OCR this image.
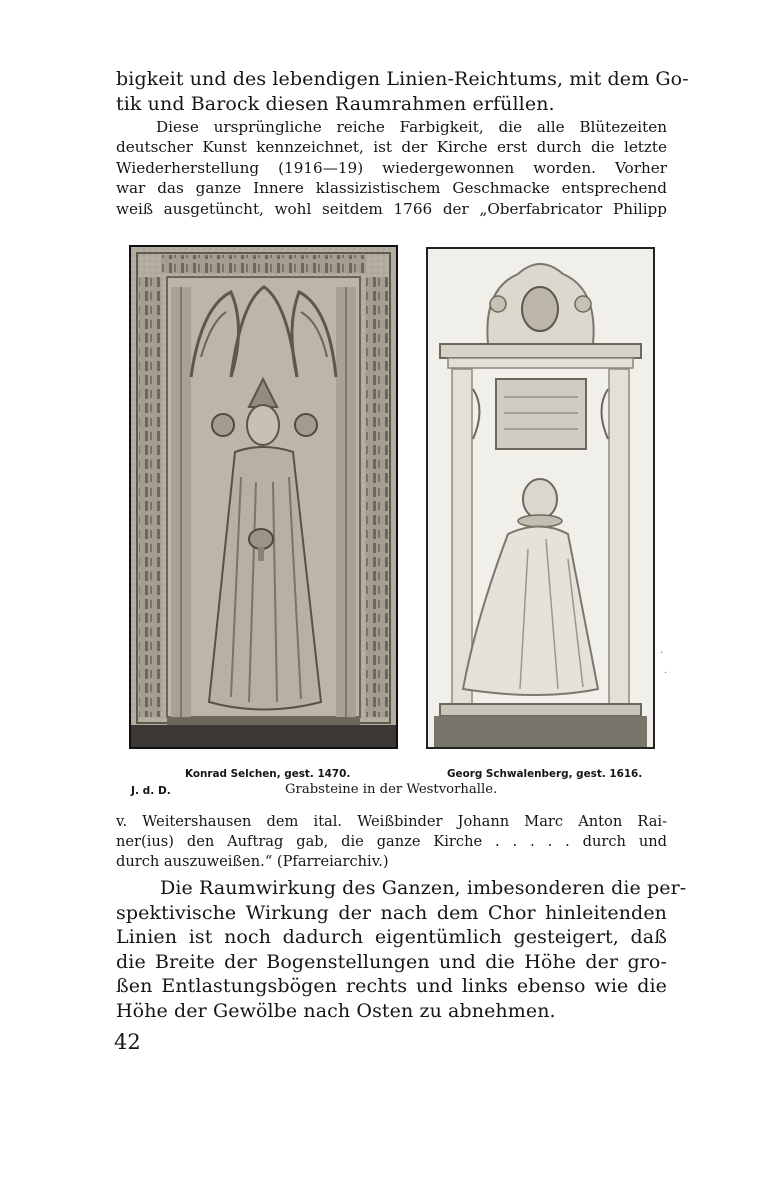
bigkeit und des lebendigen Linien-Reichtums, mit dem Go-
tik und Barock diesen Raumrahmen erfüllen.
Diese ursprüngliche reiche Farbigkeit, die alle Blütezeiten
deutscher Kunst kennzeichnet, ist der Kirche erst durch die letzte
Wiederherstellung (1916—19) wiedergewonnen worden. Vorher
war das ganze Innere klassizistischem Geschmacke entsprechend
weiß ausgetüncht, wohl seitdem 1766 der „Oberfabricator Philipp
·
·
Konrad Selchen, gest. 1470.	Georg Schwalenberg, gest. 1616.
J. d. D.	Grabsteine in der Westvorhalle.
v. Weitershausen dem ital. Weißbinder Johann Marc Anton Rai-
ner(ius) den Auftrag gab, die ganze Kirche . . . . . durch und
durch auszuweißen.“ (Pfarreiarchiv.)
Die Raumwirkung des Ganzen, imbesonderen die per-
spektivische Wirkung der nach dem Chor hinleitenden
Linien ist noch dadurch eigentümlich gesteigert, daß
die Breite der Bogenstellungen und die Höhe der gro-
ßen Entlastungsbögen rechts und links ebenso wie die
Höhe der Gewölbe nach Osten zu abnehmen.
42
